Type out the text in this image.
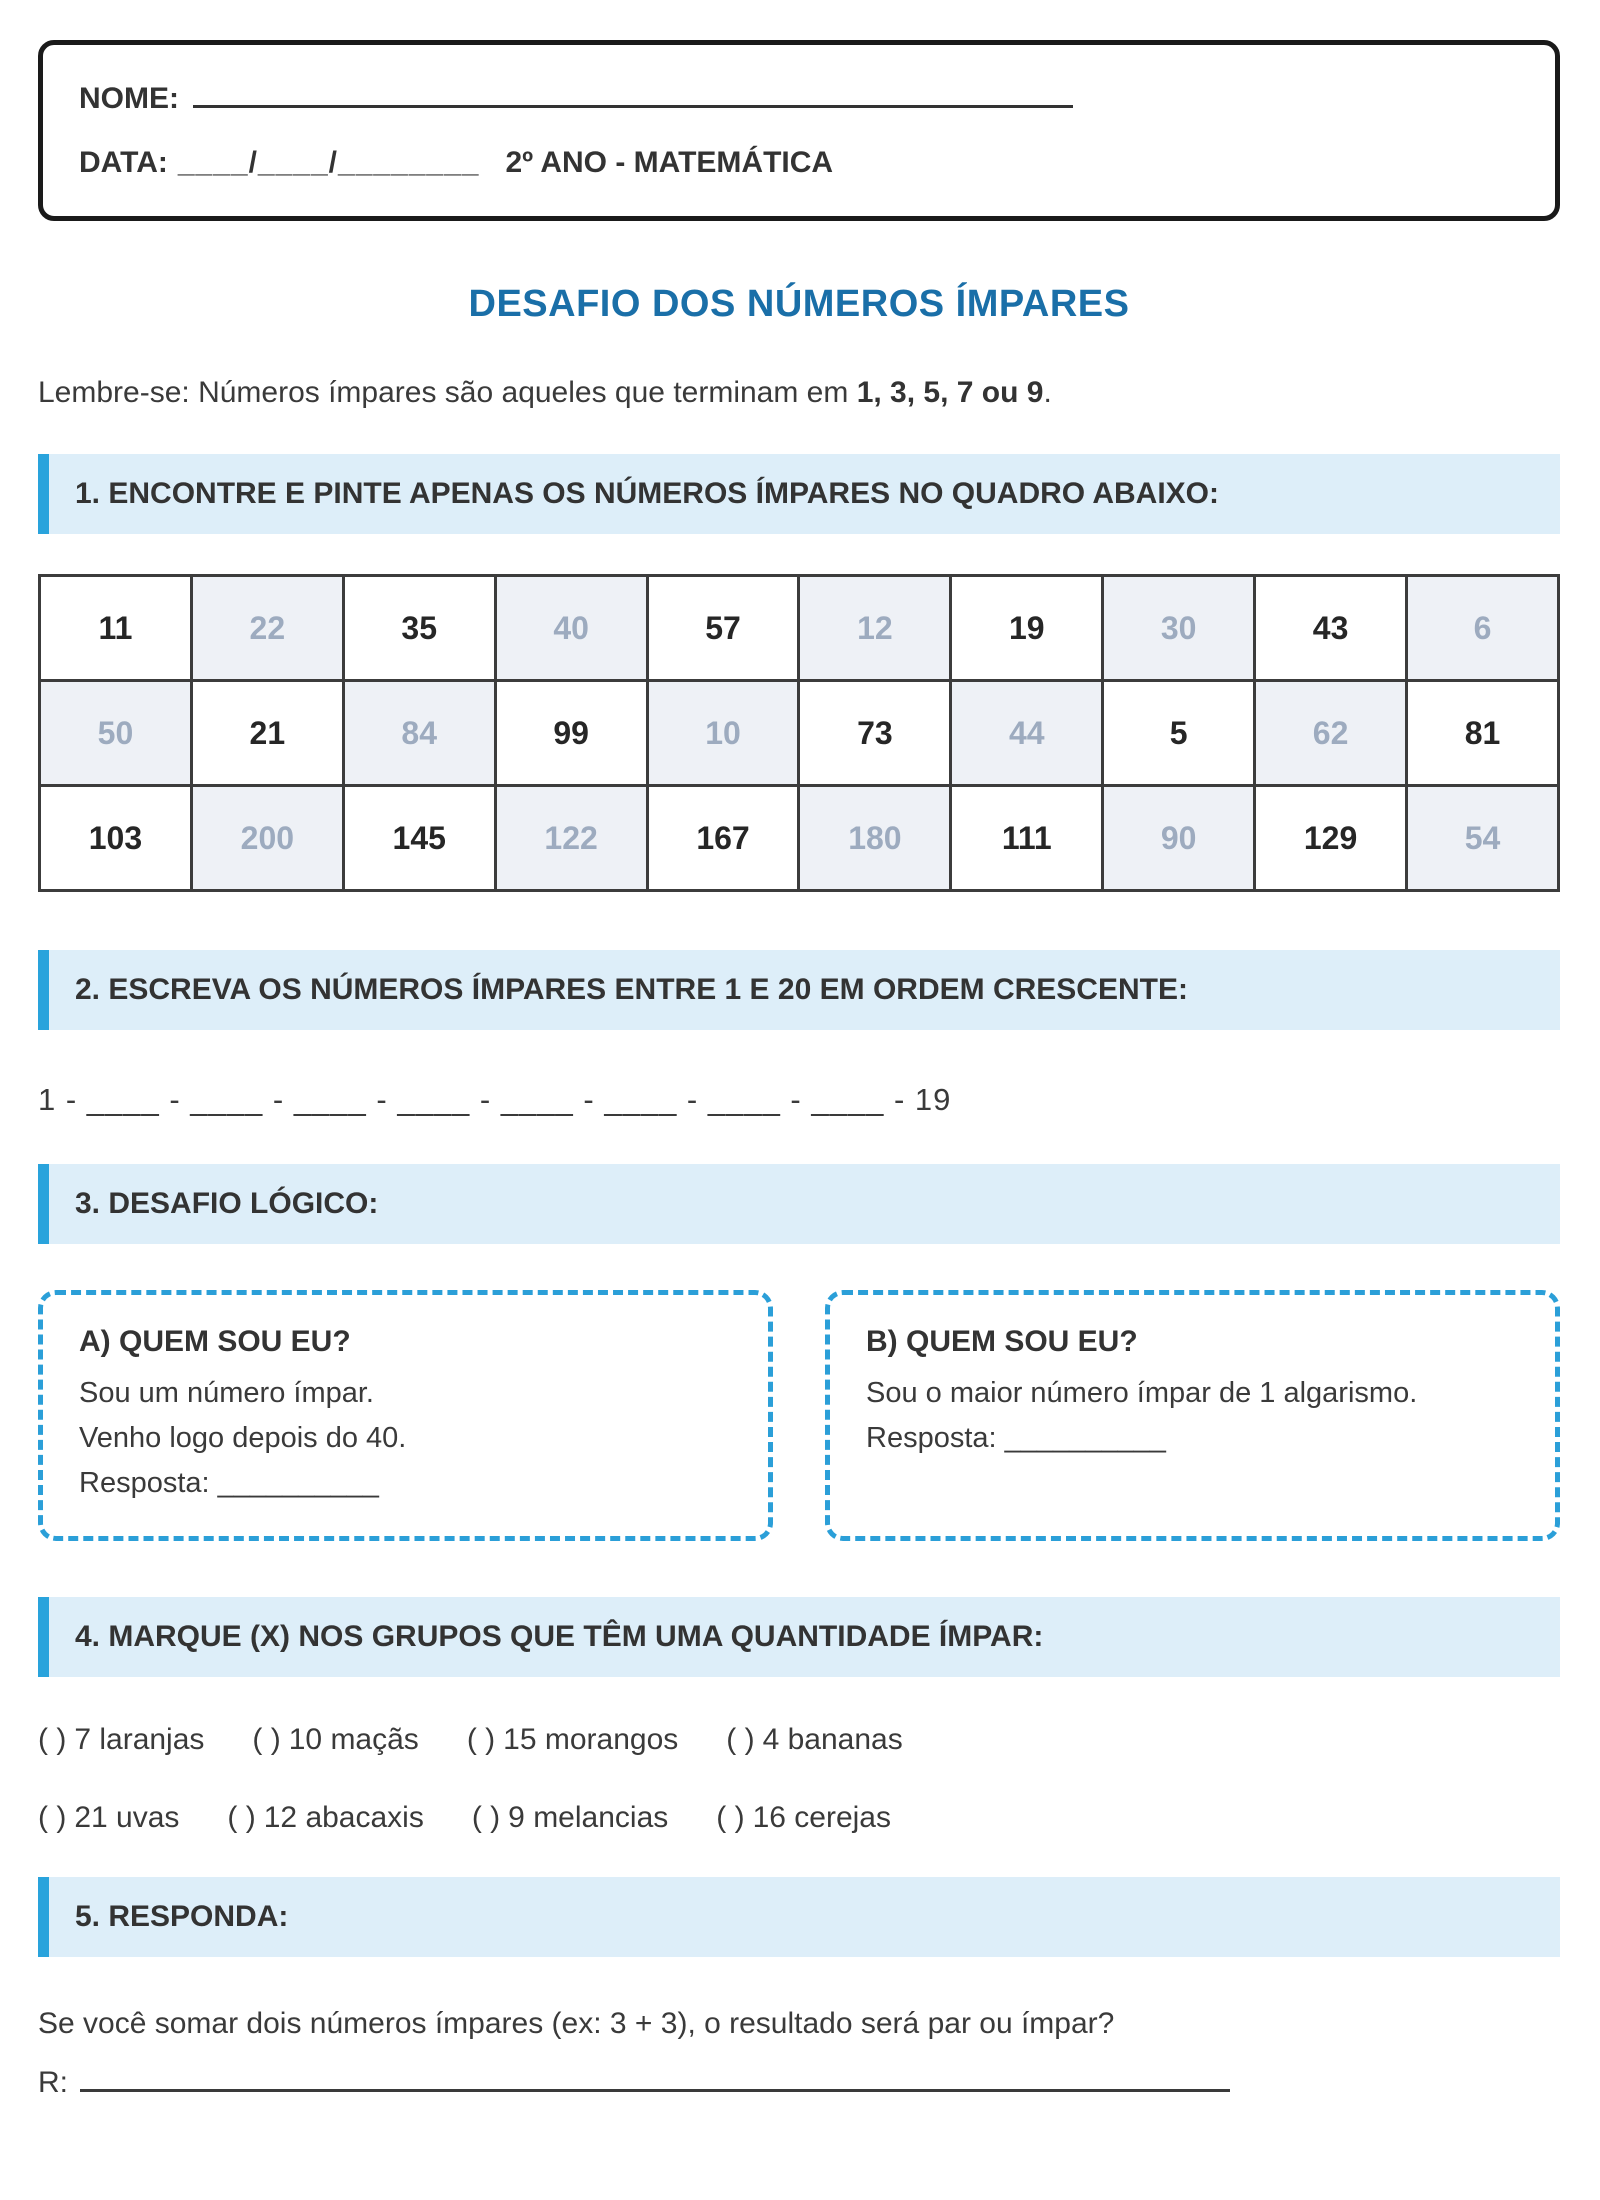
NOME:
DATA: ____/____/________ 2º ANO - MATEMÁTICA
DESAFIO DOS NÚMEROS ÍMPARES
Lembre-se: Números ímpares são aqueles que terminam em 1, 3, 5, 7 ou 9.
1. ENCONTRE E PINTE APENAS OS NÚMEROS ÍMPARES NO QUADRO ABAIXO:
11	22	35	40	57	12	19	30	43	6
50	21	84	99	10	73	44	5	62	81
103	200	145	122	167	180	111	90	129	54
2. ESCREVA OS NÚMEROS ÍMPARES ENTRE 1 E 20 EM ORDEM CRESCENTE:
1 - ____ - ____ - ____ - ____ - ____ - ____ - ____ - ____ - 19
3. DESAFIO LÓGICO:
A) QUEM SOU EU?
Sou um número ímpar.
Venho logo depois do 40.
Resposta: __________
B) QUEM SOU EU?
Sou o maior número ímpar de 1 algarismo.
Resposta: __________
4. MARQUE (X) NOS GRUPOS QUE TÊM UMA QUANTIDADE ÍMPAR:
( ) 7 laranjas ( ) 10 maçãs ( ) 15 morangos ( ) 4 bananas
( ) 21 uvas ( ) 12 abacaxis ( ) 9 melancias ( ) 16 cerejas
5. RESPONDA:
Se você somar dois números ímpares (ex: 3 + 3), o resultado será par ou ímpar?
R:
